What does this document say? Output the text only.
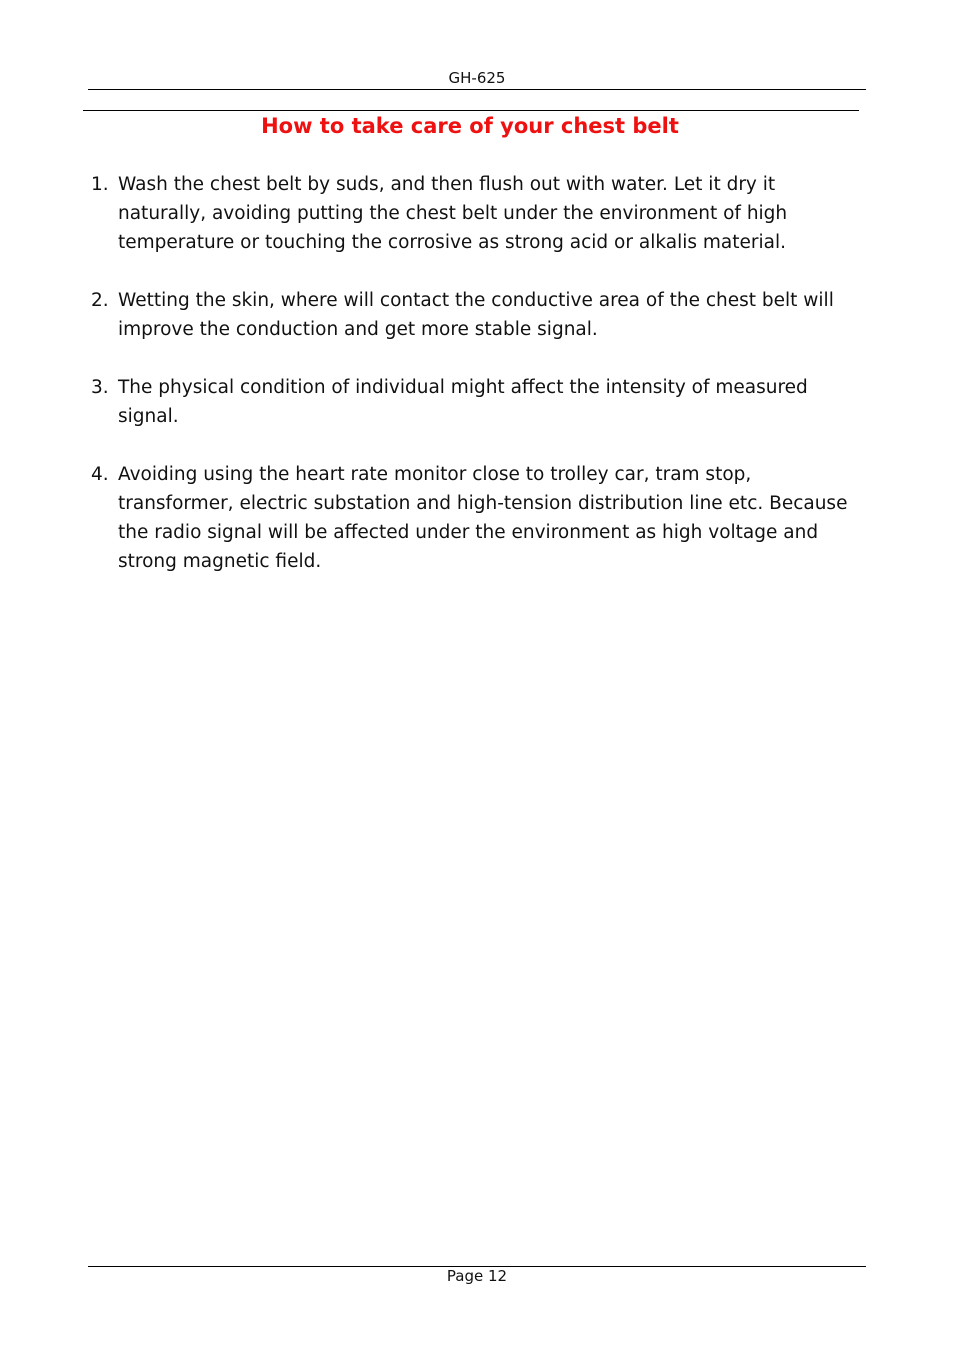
GH-625
How to take care of your chest belt
1. Wash the chest belt by suds, and then flush out with water. Let it dry it naturally, avoiding putting the chest belt under the environment of high temperature or touching the corrosive as strong acid or alkalis material.
2. Wetting the skin, where will contact the conductive area of the chest belt will improve the conduction and get more stable signal.
3. The physical condition of individual might affect the intensity of measured signal.
4. Avoiding using the heart rate monitor close to trolley car, tram stop, transformer, electric substation and high-tension distribution line etc. Because the radio signal will be affected under the environment as high voltage and strong magnetic field.
Page 12
